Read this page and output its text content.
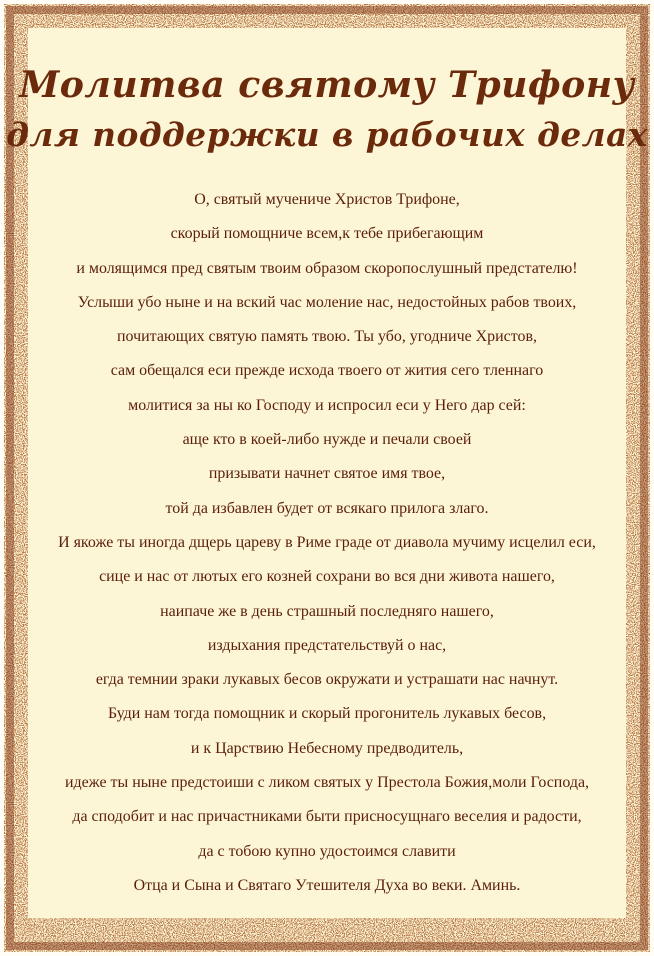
Молитва святому Трифону
для поддержки в рабочих делах
О, святый мучениче Христов Трифоне,
скорый помощниче всем,к тебе прибегающим
и молящимся пред святым твоим образом скоропослушный предстателю!
Услыши убо ныне и на вский час моление нас, недостойных рабов твоих,
почитающих святую память твою. Ты убо, угодниче Христов,
сам обещался еси прежде исхода твоего от жития сего тленнаго
молитися за ны ко Господу и испросил еси у Него дар сей:
аще кто в коей-либо нужде и печали своей
призывати начнет святое имя твое,
той да избавлен будет от всякаго прилога злаго.
И якоже ты иногда дщерь цареву в Риме граде от диавола мучиму исцелил еси,
сице и нас от лютых его козней сохрани во вся дни живота нашего,
наипаче же в день страшный последняго нашего,
издыхания предстательствуй о нас,
егда темнии зраки лукавых бесов окружати и устрашати нас начнут.
Буди нам тогда помощник и скорый прогонитель лукавых бесов,
и к Царствию Небесному предводитель,
идеже ты ныне предстоиши с ликом святых у Престола Божия,моли Господа,
да сподобит и нас причастниками быти присносущнаго веселия и радости,
да с тобою купно удостоимся славити
Отца и Сына и Святаго Утешителя Духа во веки. Аминь.
